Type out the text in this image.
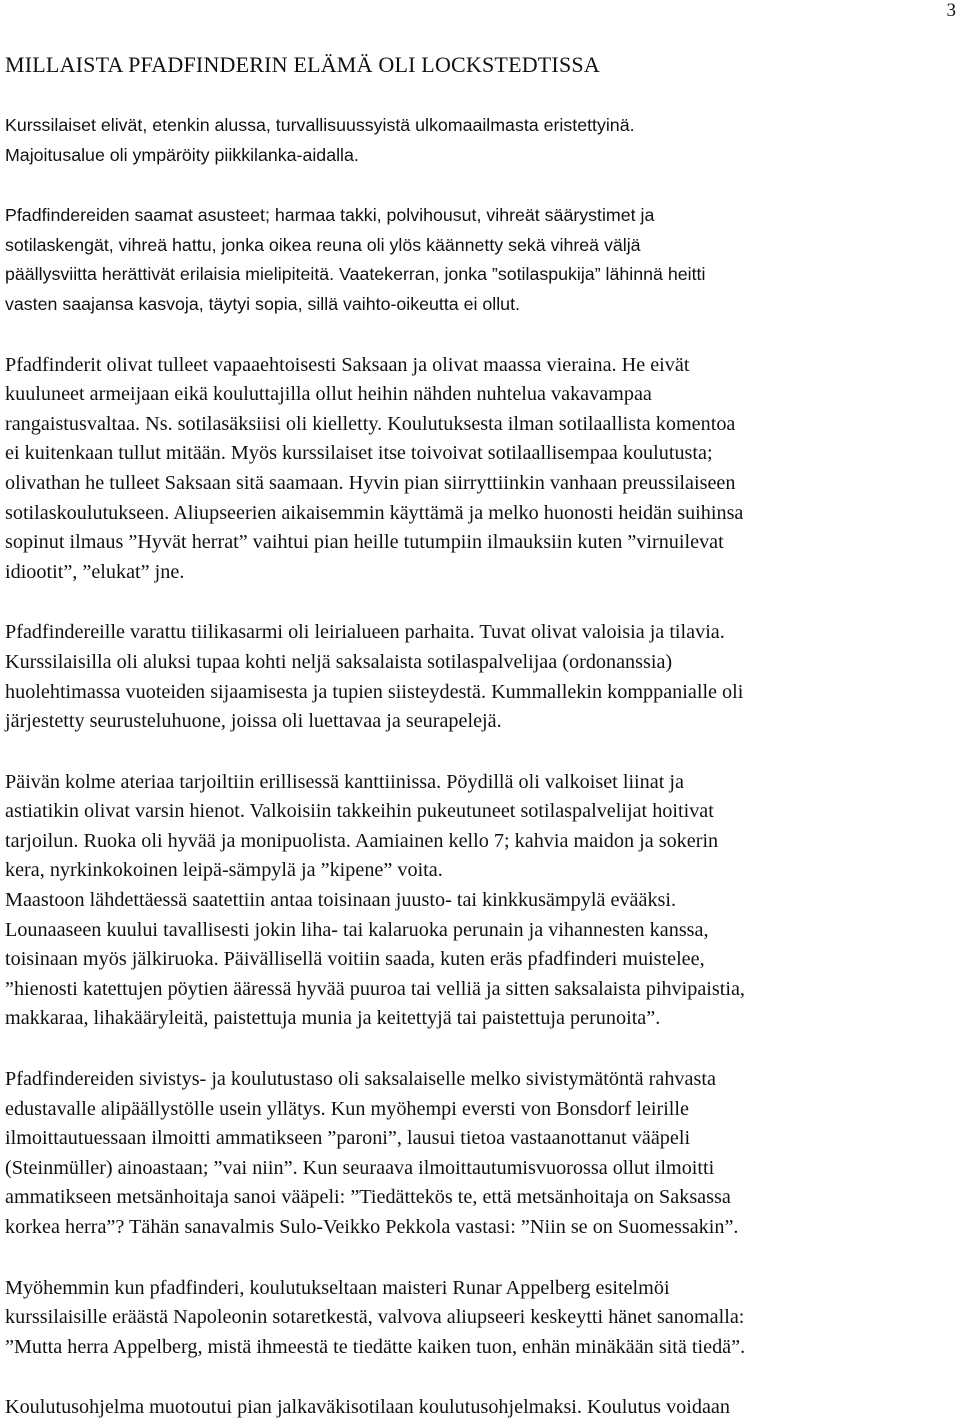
3
MILLAISTA PFADFINDERIN ELÄMÄ OLI LOCKSTEDTISSA

Kurssilaiset elivät, etenkin alussa, turvallisuussyistä ulkomaailmasta eristettyinä.
Majoitusalue oli ympäröity piikkilanka-aidalla.

Pfadfindereiden saamat asusteet; harmaa takki, polvihousut, vihreät säärystimet ja
sotilaskengät, vihreä hattu, jonka oikea reuna oli ylös käännetty sekä vihreä väljä
päällysviitta herättivät erilaisia mielipiteitä. Vaatekerran, jonka ”sotilaspukija” lähinnä heitti
vasten saajansa kasvoja, täytyi sopia, sillä vaihto-oikeutta ei ollut.

Pfadfinderit olivat tulleet vapaaehtoisesti Saksaan ja olivat maassa vieraina. He eivät
kuuluneet armeijaan eikä kouluttajilla ollut heihin nähden nuhtelua vakavampaa
rangaistusvaltaa. Ns. sotilasäksiisi oli kielletty. Koulutuksesta ilman sotilaallista komentoa
ei kuitenkaan tullut mitään. Myös kurssilaiset itse toivoivat sotilaallisempaa koulutusta;
olivathan he tulleet Saksaan sitä saamaan. Hyvin pian siirryttiinkin vanhaan preussilaiseen
sotilaskoulutukseen. Aliupseerien aikaisemmin käyttämä ja melko huonosti heidän suihinsa
sopinut ilmaus ”Hyvät herrat” vaihtui pian heille tutumpiin ilmauksiin kuten ”virnuilevat
idiootit”, ”elukat” jne.

Pfadfindereille varattu tiilikasarmi oli leirialueen parhaita. Tuvat olivat valoisia ja tilavia.
Kurssilaisilla oli aluksi tupaa kohti neljä saksalaista sotilaspalvelijaa (ordonanssia)
huolehtimassa vuoteiden sijaamisesta ja tupien siisteydestä. Kummallekin komppanialle oli
järjestetty seurusteluhuone, joissa oli luettavaa ja seurapelejä.

Päivän kolme ateriaa tarjoiltiin erillisessä kanttiinissa. Pöydillä oli valkoiset liinat ja
astiatikin olivat varsin hienot. Valkoisiin takkeihin pukeutuneet sotilaspalvelijat hoitivat
tarjoilun. Ruoka oli hyvää ja monipuolista. Aamiainen kello 7; kahvia maidon ja sokerin
kera, nyrkinkokoinen leipä-sämpylä ja ”kipene” voita.
Maastoon lähdettäessä saatettiin antaa toisinaan juusto- tai kinkkusämpylä evääksi.
Lounaaseen kuului tavallisesti jokin liha- tai kalaruoka perunain ja vihannesten kanssa,
toisinaan myös jälkiruoka. Päivällisellä voitiin saada, kuten eräs pfadfinderi muistelee,
”hienosti katettujen pöytien ääressä hyvää puuroa tai velliä ja sitten saksalaista pihvipaistia,
makkaraa, lihakääryleitä, paistettuja munia ja keitettyjä tai paistettuja perunoita”.

Pfadfindereiden sivistys- ja koulutustaso oli saksalaiselle melko sivistymätöntä rahvasta
edustavalle alipäällystölle usein yllätys. Kun myöhempi eversti von Bonsdorf leirille
ilmoittautuessaan ilmoitti ammatikseen ”paroni”, lausui tietoa vastaanottanut vääpeli
(Steinmüller) ainoastaan; ”vai niin”. Kun seuraava ilmoittautumisvuorossa ollut ilmoitti
ammatikseen metsänhoitaja sanoi vääpeli: ”Tiedättekös te, että metsänhoitaja on Saksassa
korkea herra”? Tähän sanavalmis Sulo-Veikko Pekkola vastasi: ”Niin se on Suomessakin”.

Myöhemmin kun pfadfinderi, koulutukseltaan maisteri Runar Appelberg esitelmöi
kurssilaisille eräästä Napoleonin sotaretkestä, valvova aliupseeri keskeytti hänet sanomalla:
”Mutta herra Appelberg, mistä ihmeestä te tiedätte kaiken tuon, enhän minäkään sitä tiedä”.

Koulutusohjelma muotoutui pian jalkaväkisotilaan koulutusohjelmaksi. Koulutus voidaan
